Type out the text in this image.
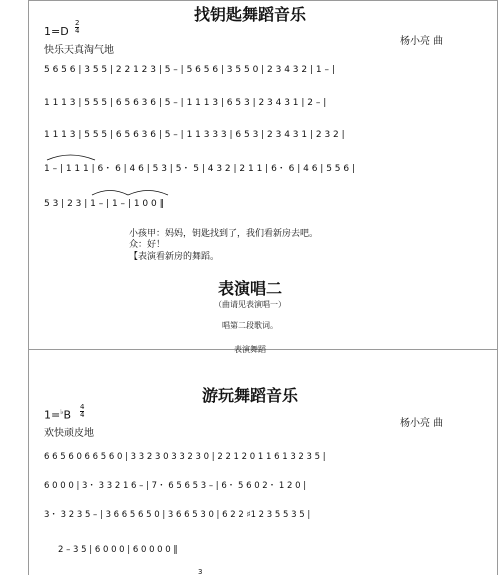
找钥匙舞蹈音乐
1=D
2
4
快乐天真淘气地
杨小亮 曲
5 6 5 6 | 3 5 5 | 2 2 1 2 3 | 5 – | 5 6 5 6 | 3 5 5 0 | 2 3 4 3 2 | 1 – |
1 1 1 3 | 5 5 5 | 6 5 6 3 6 | 5 – | 1 1 1 3 | 6 5 3 | 2 3 4 3 1 | 2 – |
1 1 1 3 | 5 5 5 | 6 5 6 3 6 | 5 – | 1 1 3 3 3 | 6 5 3 | 2 3 4 3 1 | 2 3 2 |
1 – | 1 1 1 | 6・ 6 | 4 6 | 5 3 | 5・ 5 | 4 3 2 | 2 1 1 | 6・ 6 | 4 6 | 5 5 6 |
5 3 | 2 3 | 1 – | 1 – | 1 0 0 ‖
小孩甲：妈妈，钥匙找到了，我们看新房去吧。
众：好！
【表演看新房的舞蹈。
表演唱二
（曲请见表演唱一）
唱第二段歌词。
表演舞蹈
游玩舞蹈音乐
1=♭B
4
4
欢快顽皮地
杨小亮 曲
6 6 5 6 0 6 6 5 6 0 | 3 3 2 3 0 3 3 2 3 0 | 2 2 1 2 0 1 1 6 1 3 2 3 5 |
6 0 0 0 | 3・ 3 3 2 1 6 – | 7・ 6 5 6 5 3 – | 6・ 5 6 0 2・ 1 2 0 |
3・ 3 2 3 5 – | 3 6 6 5 6 5 0 | 3 6 6 5 3 0 | 6 2 2 ♯1 2 3 5 5 3 5 |
2 – 3 5 | 6 0 0 0 | 6 0 0 0 0 ‖
3
